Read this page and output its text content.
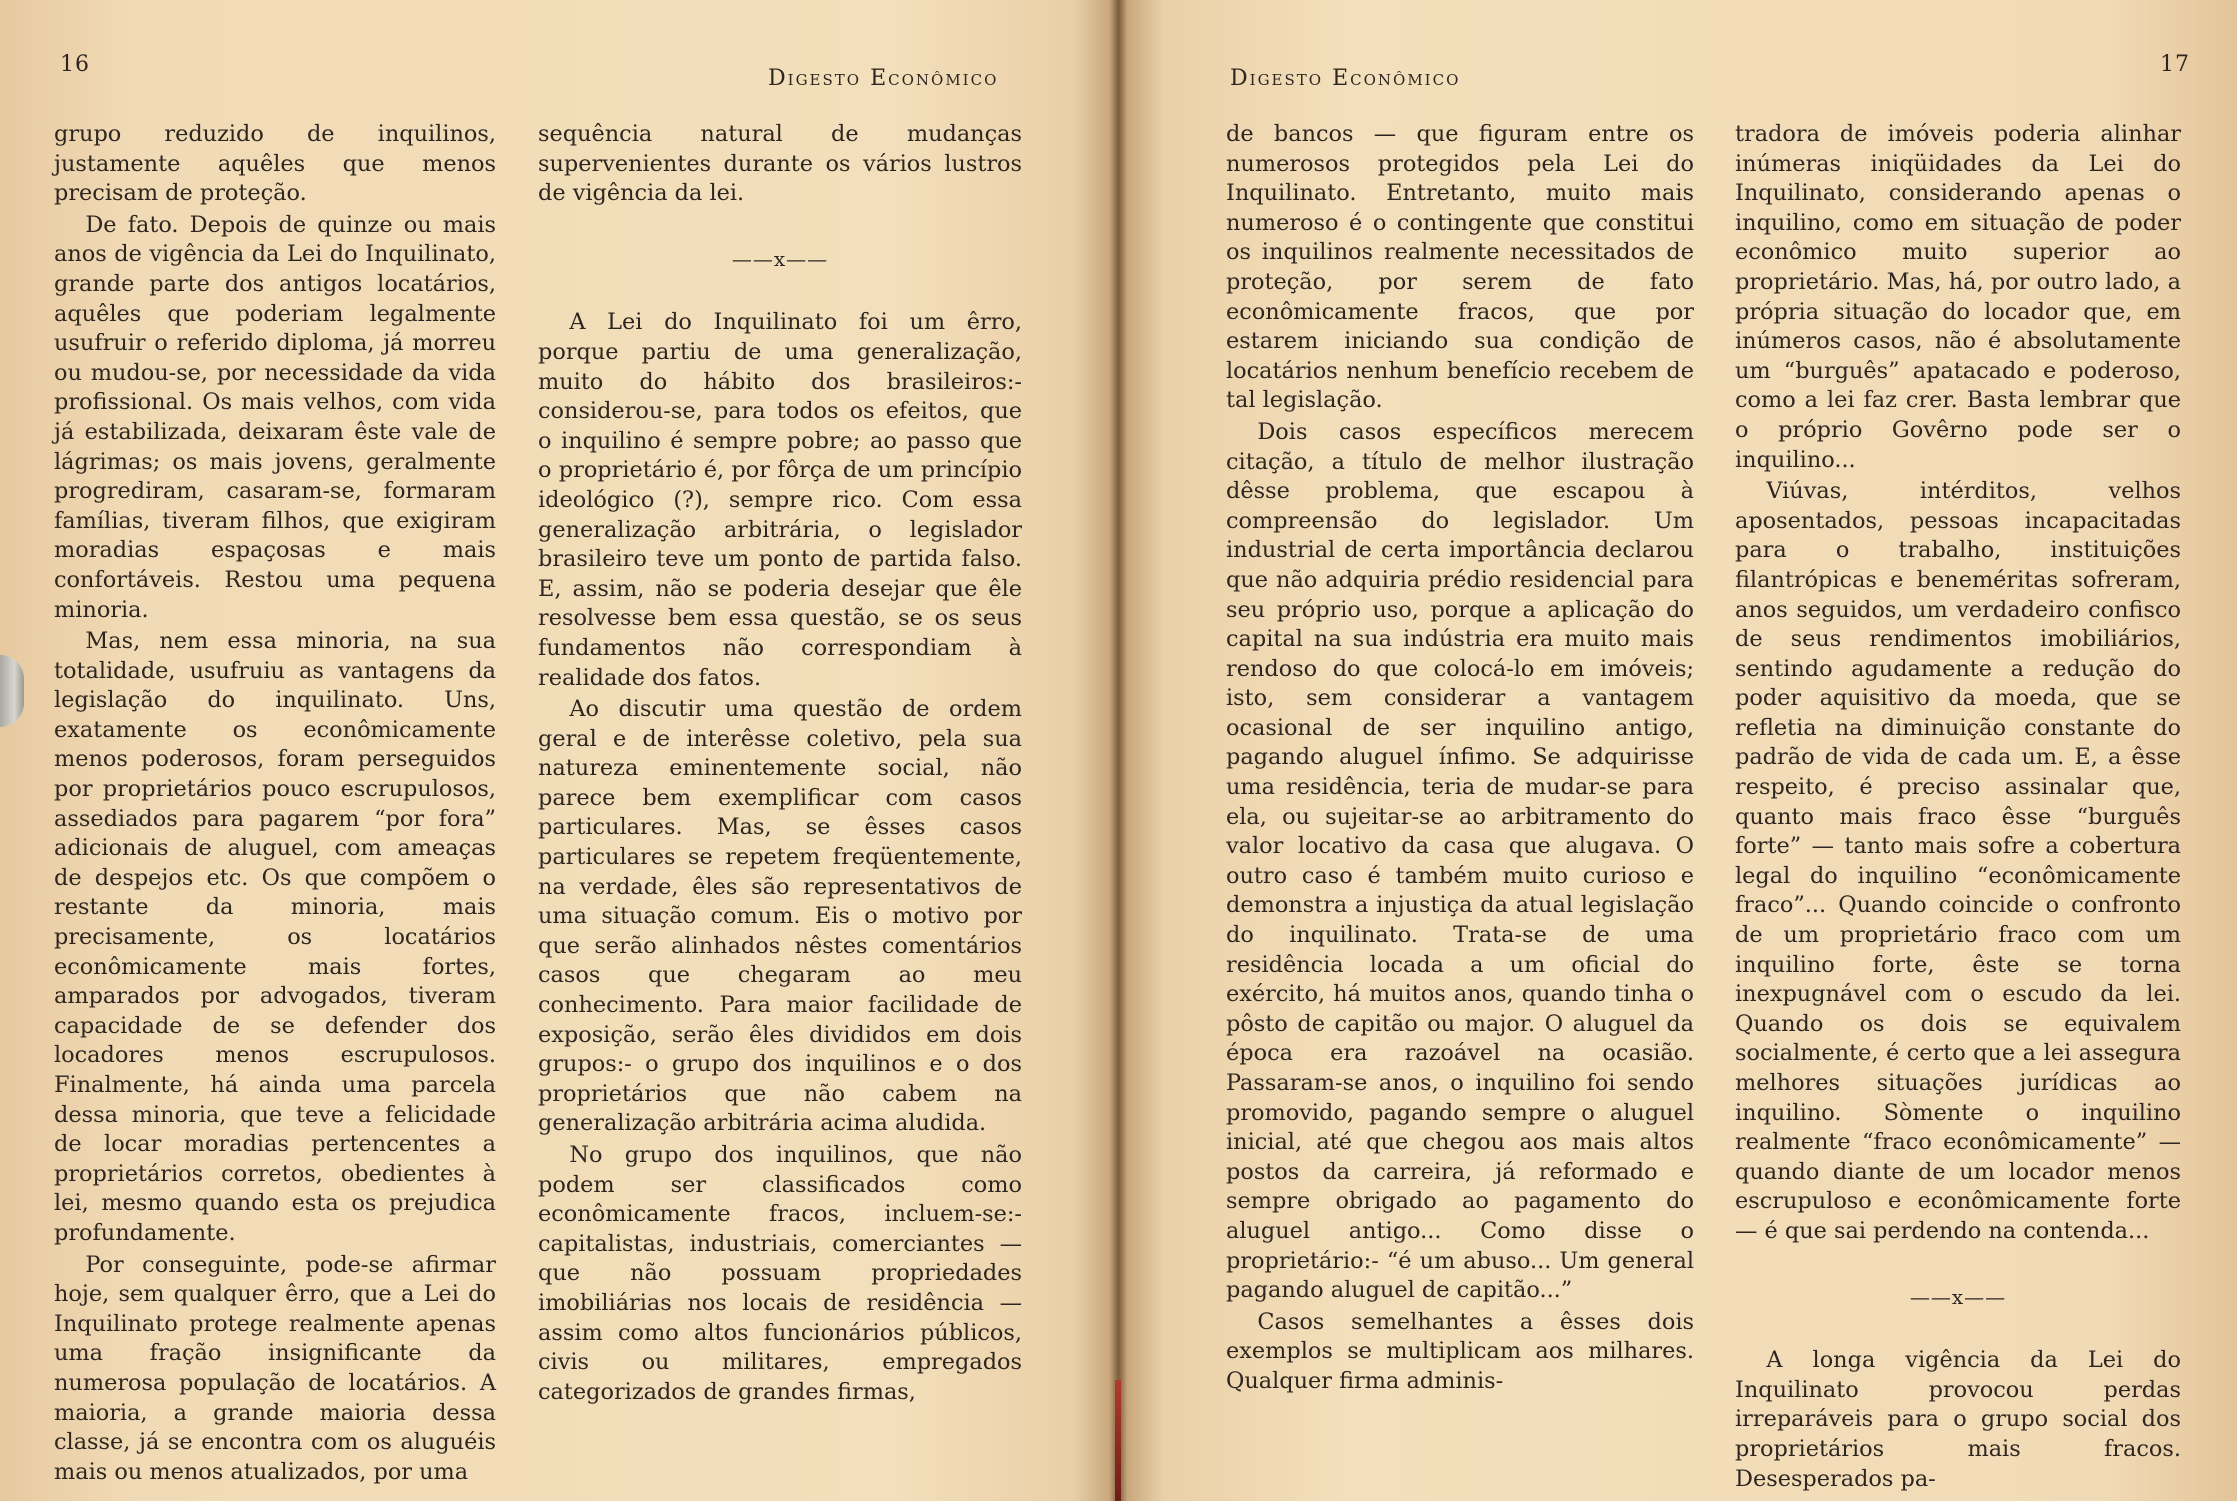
16
Digesto Econômico

grupo reduzido de inquilinos, justamente aquêles que menos precisam de proteção.

De fato. Depois de quinze ou mais anos de vigência da Lei do Inquilinato, grande parte dos antigos locatários, aquêles que poderiam legalmente usufruir o referido diploma, já morreu ou mudou-se, por necessidade da vida profissional. Os mais velhos, com vida já estabilizada, deixaram êste vale de lágrimas; os mais jovens, geralmente progrediram, casaram-se, formaram famílias, tiveram filhos, que exigiram moradias espaçosas e mais confortáveis. Restou uma pequena minoria.

Mas, nem essa minoria, na sua totalidade, usufruiu as vantagens da legislação do inquilinato. Uns, exatamente os econômicamente menos poderosos, foram perseguidos por proprietários pouco escrupulosos, assediados para pagarem “por fora” adicionais de aluguel, com ameaças de despejos etc. Os que compõem o restante da minoria, mais precisamente, os locatários econômicamente mais fortes, amparados por advogados, tiveram capacidade de se defender dos locadores menos escrupulosos. Finalmente, há ainda uma parcela dessa minoria, que teve a felicidade de locar moradias pertencentes a proprietários corretos, obedientes à lei, mesmo quando esta os prejudica profundamente.

Por conseguinte, pode-se afirmar hoje, sem qualquer êrro, que a Lei do Inquilinato protege realmente apenas uma fração insignificante da numerosa população de locatários. A maioria, a grande maioria dessa classe, já se encontra com os aluguéis mais ou menos atualizados, por uma

sequência natural de mudanças supervenientes durante os vários lustros de vigência da lei.

——x——

A Lei do Inquilinato foi um êrro, porque partiu de uma generalização, muito do hábito dos brasileiros:- considerou-se, para todos os efeitos, que o inquilino é sempre pobre; ao passo que o proprietário é, por fôrça de um princípio ideológico (?), sempre rico. Com essa generalização arbitrária, o legislador brasileiro teve um ponto de partida falso. E, assim, não se poderia desejar que êle resolvesse bem essa questão, se os seus fundamentos não correspondiam à realidade dos fatos.

Ao discutir uma questão de ordem geral e de interêsse coletivo, pela sua natureza eminentemente social, não parece bem exemplificar com casos particulares. Mas, se êsses casos particulares se repetem freqüentemente, na verdade, êles são representativos de uma situação comum. Eis o motivo por que serão alinhados nêstes comentários casos que chegaram ao meu conhecimento. Para maior facilidade de exposição, serão êles divididos em dois grupos:- o grupo dos inquilinos e o dos proprietários que não cabem na generalização arbitrária acima aludida.

No grupo dos inquilinos, que não podem ser classificados como econômicamente fracos, incluem-se:- capitalistas, industriais, comerciantes — que não possuam propriedades imobiliárias nos locais de residência — assim como altos funcionários públicos, civis ou militares, empregados categorizados de grandes firmas,

Digesto Econômico
17

de bancos — que figuram entre os numerosos protegidos pela Lei do Inquilinato. Entretanto, muito mais numeroso é o contingente que constitui os inquilinos realmente necessitados de proteção, por serem de fato econômicamente fracos, que por estarem iniciando sua condição de locatários nenhum benefício recebem de tal legislação.

Dois casos específicos merecem citação, a título de melhor ilustração dêsse problema, que escapou à compreensão do legislador. Um industrial de certa importância declarou que não adquiria prédio residencial para seu próprio uso, porque a aplicação do capital na sua indústria era muito mais rendoso do que colocá-lo em imóveis; isto, sem considerar a vantagem ocasional de ser inquilino antigo, pagando aluguel ínfimo. Se adquirisse uma residência, teria de mudar-se para ela, ou sujeitar-se ao arbitramento do valor locativo da casa que alugava. O outro caso é também muito curioso e demonstra a injustiça da atual legislação do inquilinato. Trata-se de uma residência locada a um oficial do exército, há muitos anos, quando tinha o pôsto de capitão ou major. O aluguel da época era razoável na ocasião. Passaram-se anos, o inquilino foi sendo promovido, pagando sempre o aluguel inicial, até que chegou aos mais altos postos da carreira, já reformado e sempre obrigado ao pagamento do aluguel antigo... Como disse o proprietário:- “é um abuso... Um general pagando aluguel de capitão...”

Casos semelhantes a êsses dois exemplos se multiplicam aos milhares. Qualquer firma adminis-

tradora de imóveis poderia alinhar inúmeras iniqüidades da Lei do Inquilinato, considerando apenas o inquilino, como em situação de poder econômico muito superior ao proprietário. Mas, há, por outro lado, a própria situação do locador que, em inúmeros casos, não é absolutamente um “burguês” apatacado e poderoso, como a lei faz crer. Basta lembrar que o próprio Govêrno pode ser o inquilino...

Viúvas, intérditos, velhos aposentados, pessoas incapacitadas para o trabalho, instituições filantrópicas e beneméritas sofreram, anos seguidos, um verdadeiro confisco de seus rendimentos imobiliários, sentindo agudamente a redução do poder aquisitivo da moeda, que se refletia na diminuição constante do padrão de vida de cada um. E, a êsse respeito, é preciso assinalar que, quanto mais fraco êsse “burguês forte” — tanto mais sofre a cobertura legal do inquilino “econômicamente fraco”... Quando coincide o confronto de um proprietário fraco com um inquilino forte, êste se torna inexpugnável com o escudo da lei. Quando os dois se equivalem socialmente, é certo que a lei assegura melhores situações jurídicas ao inquilino. Sòmente o inquilino realmente “fraco econômicamente” — quando diante de um locador menos escrupuloso e econômicamente forte — é que sai perdendo na contenda...

——x——

A longa vigência da Lei do Inquilinato provocou perdas irreparáveis para o grupo social dos proprietários mais fracos. Desesperados pa-
